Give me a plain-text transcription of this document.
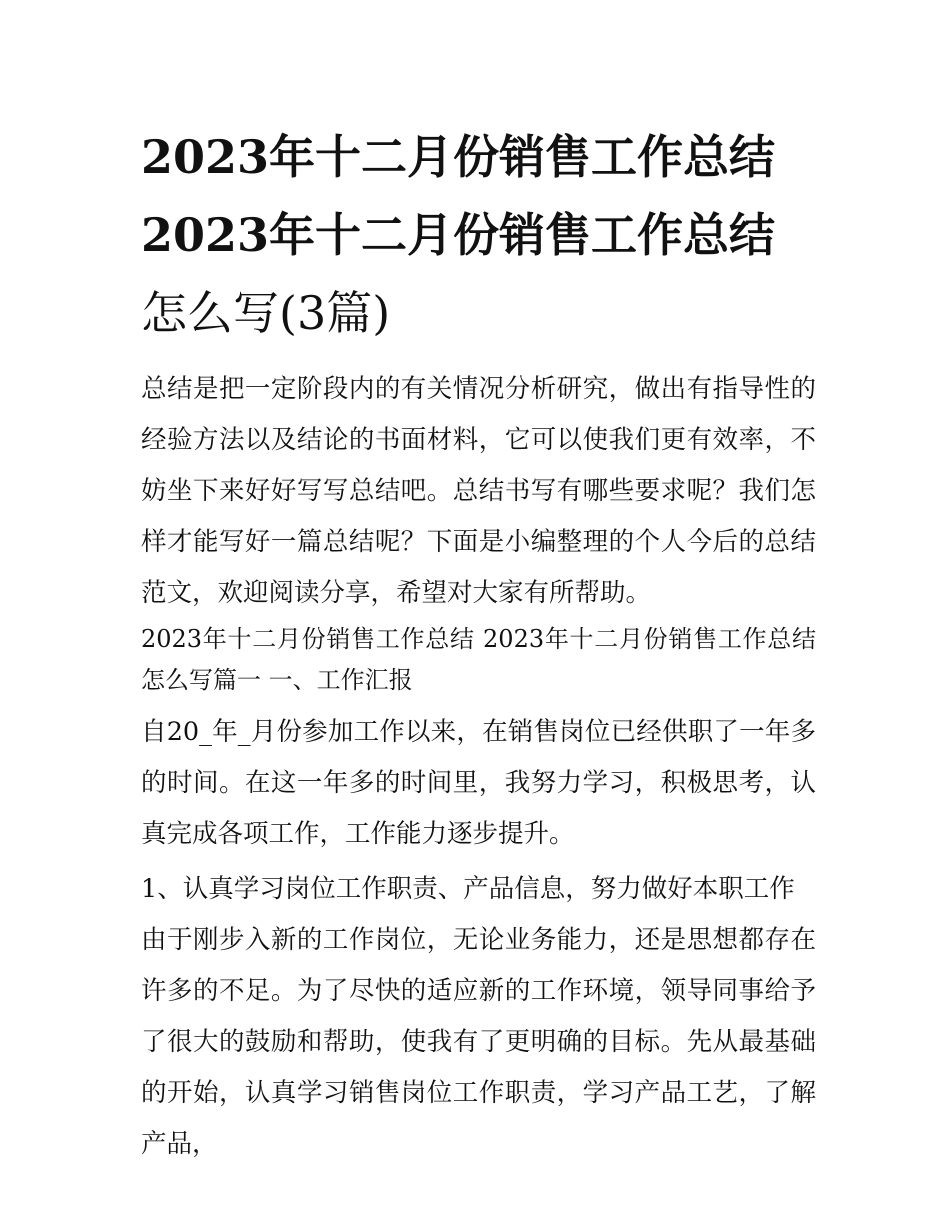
2023年十二月份销售工作总结
2023年十二月份销售工作总结
怎么写(3篇)

总结是把一定阶段内的有关情况分析研究，做出有指导性的经验方法以及结论的书面材料，它可以使我们更有效率，不妨坐下来好好写写总结吧。总结书写有哪些要求呢？我们怎样才能写好一篇总结呢？下面是小编整理的个人今后的总结范文，欢迎阅读分享，希望对大家有所帮助。

2023年十二月份销售工作总结 2023年十二月份销售工作总结怎么写篇一 一、工作汇报

自20_年_月份参加工作以来，在销售岗位已经供职了一年多的时间。在这一年多的时间里，我努力学习，积极思考，认真完成各项工作，工作能力逐步提升。

1、认真学习岗位工作职责、产品信息，努力做好本职工作

由于刚步入新的工作岗位，无论业务能力，还是思想都存在许多的不足。为了尽快的适应新的工作环境，领导同事给予了很大的鼓励和帮助，使我有了更明确的目标。先从最基础的开始，认真学习销售岗位工作职责，学习产品工艺，了解产品，
